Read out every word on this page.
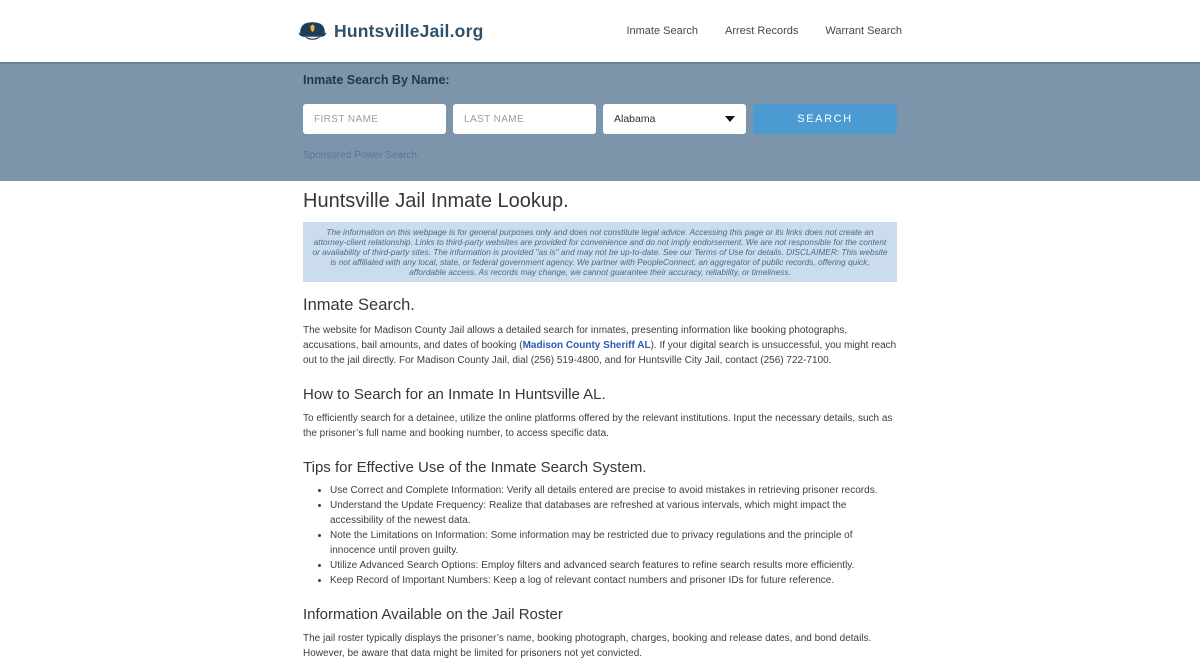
HuntsvilleJail.org	Inmate Search Arrest Records Warrant Search
Inmate Search By Name:
FIRST NAME
LAST NAME
Alabama	SEARCH
Sponsored Power Search.
Huntsville Jail Inmate Lookup.
The information on this webpage is for general purposes only and does not constitute legal advice. Accessing this page or its links does not create an attorney-client relationship. Links to third-party websites are provided for convenience and do not imply endorsement. We are not responsible for the content or availability of third-party sites. The information is provided "as is" and may not be up-to-date. See our Terms of Use for details. DISCLAIMER: This website is not affiliated with any local, state, or federal government agency. We partner with PeopleConnect, an aggregator of public records, offering quick, affordable access. As records may change, we cannot guarantee their accuracy, reliability, or timeliness.
Inmate Search.

The website for Madison County Jail allows a detailed search for inmates, presenting information like booking photographs, accusations, bail amounts, and dates of booking (Madison County Sheriff AL). If your digital search is unsuccessful, you might reach out to the jail directly. For Madison County Jail, dial (256) 519-4800, and for Huntsville City Jail, contact (256) 722-7100.

How to Search for an Inmate In Huntsville AL.

To efficiently search for a detainee, utilize the online platforms offered by the relevant institutions. Input the necessary details, such as the prisoner’s full name and booking number, to access specific data.

Tips for Effective Use of the Inmate Search System.
• Use Correct and Complete Information: Verify all details entered are precise to avoid mistakes in retrieving prisoner records.
• Understand the Update Frequency: Realize that databases are refreshed at various intervals, which might impact the accessibility of the newest data.
• Note the Limitations on Information: Some information may be restricted due to privacy regulations and the principle of innocence until proven guilty.
• Utilize Advanced Search Options: Employ filters and advanced search features to refine search results more efficiently.
• Keep Record of Important Numbers: Keep a log of relevant contact numbers and prisoner IDs for future reference.
Information Available on the Jail Roster

The jail roster typically displays the prisoner’s name, booking photograph, charges, booking and release dates, and bond details. However, be aware that data might be limited for prisoners not yet convicted.
